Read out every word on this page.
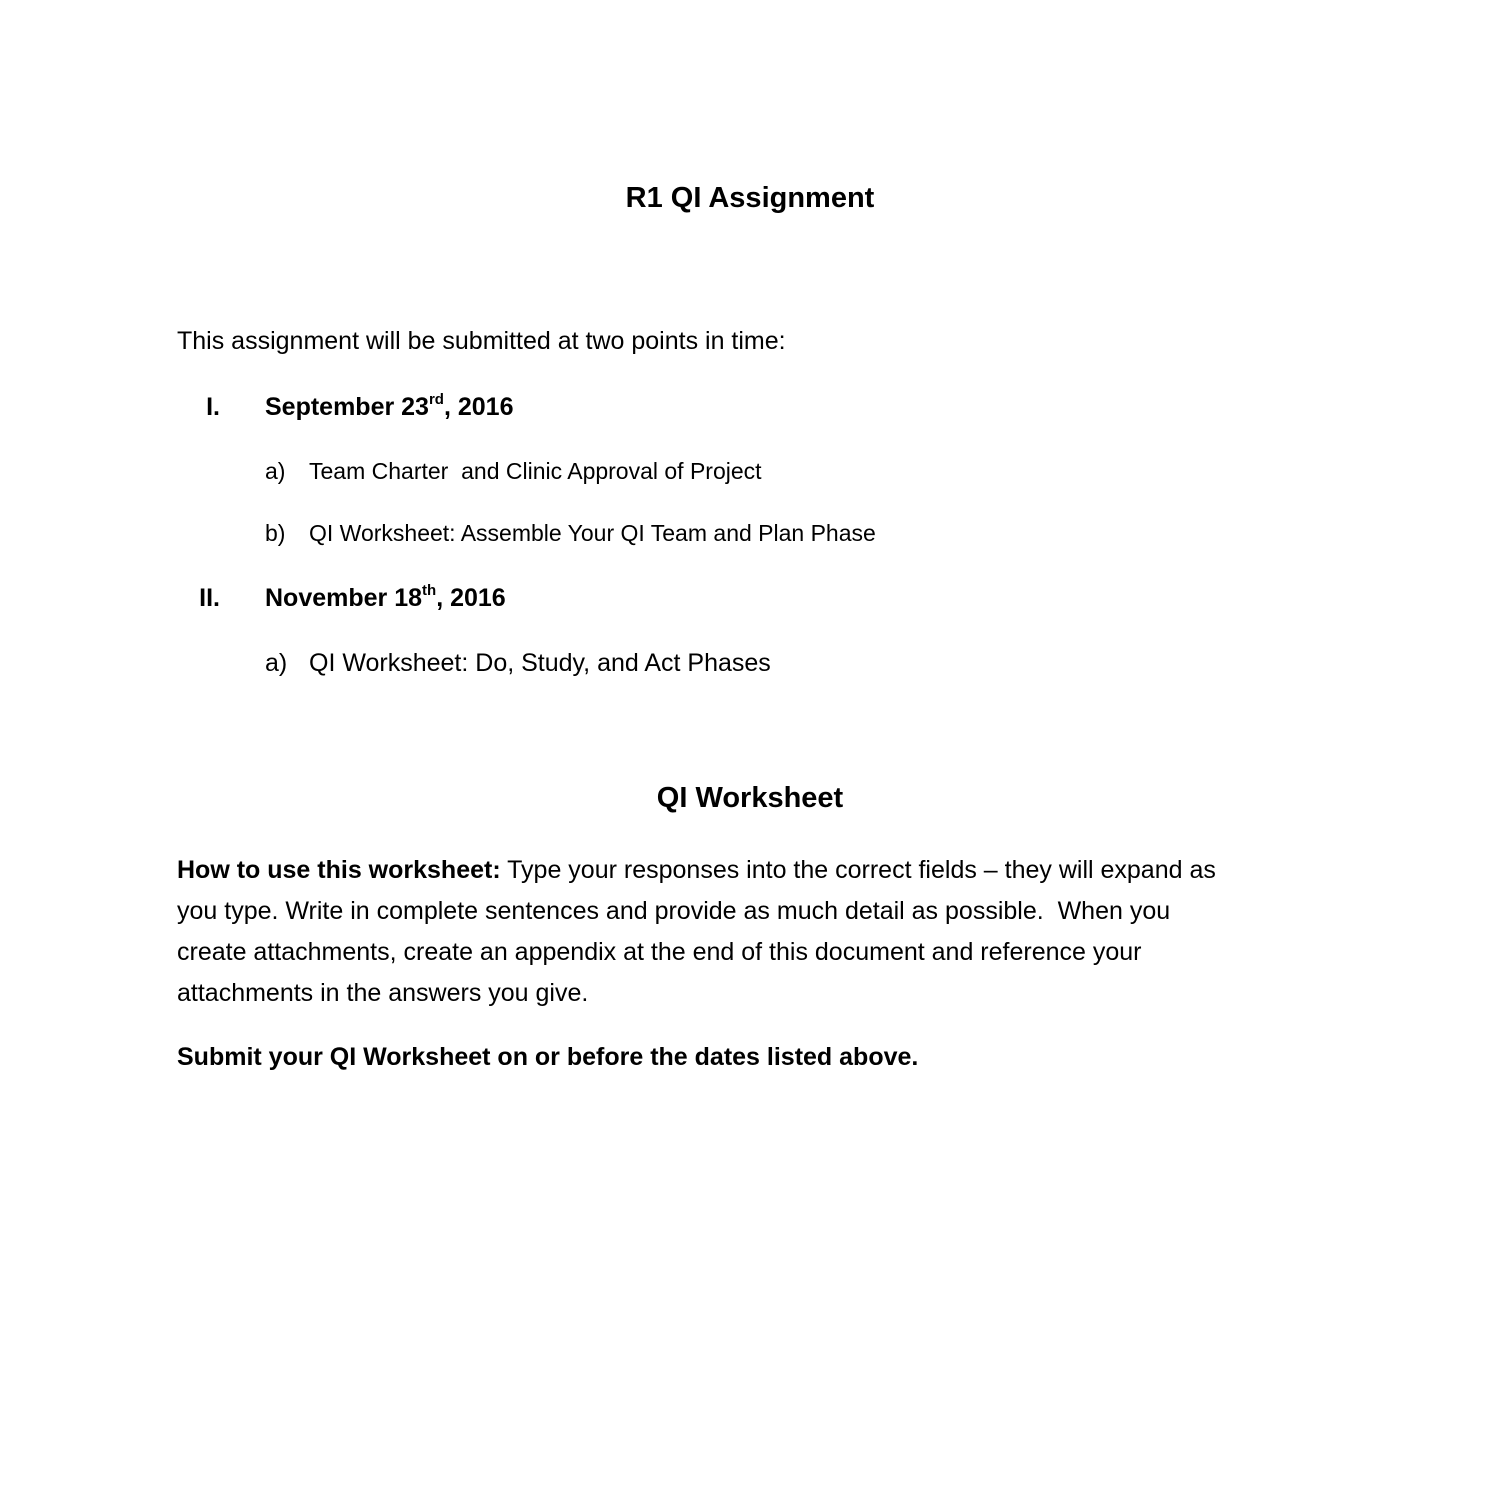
R1 QI Assignment
This assignment will be submitted at two points in time:
I. September 23rd, 2016
a) Team Charter  and Clinic Approval of Project
b) QI Worksheet: Assemble Your QI Team and Plan Phase
II. November 18th, 2016
a) QI Worksheet: Do, Study, and Act Phases
QI Worksheet
How to use this worksheet: Type your responses into the correct fields – they will expand as
you type. Write in complete sentences and provide as much detail as possible.  When you
create attachments, create an appendix at the end of this document and reference your
attachments in the answers you give.
Submit your QI Worksheet on or before the dates listed above.
